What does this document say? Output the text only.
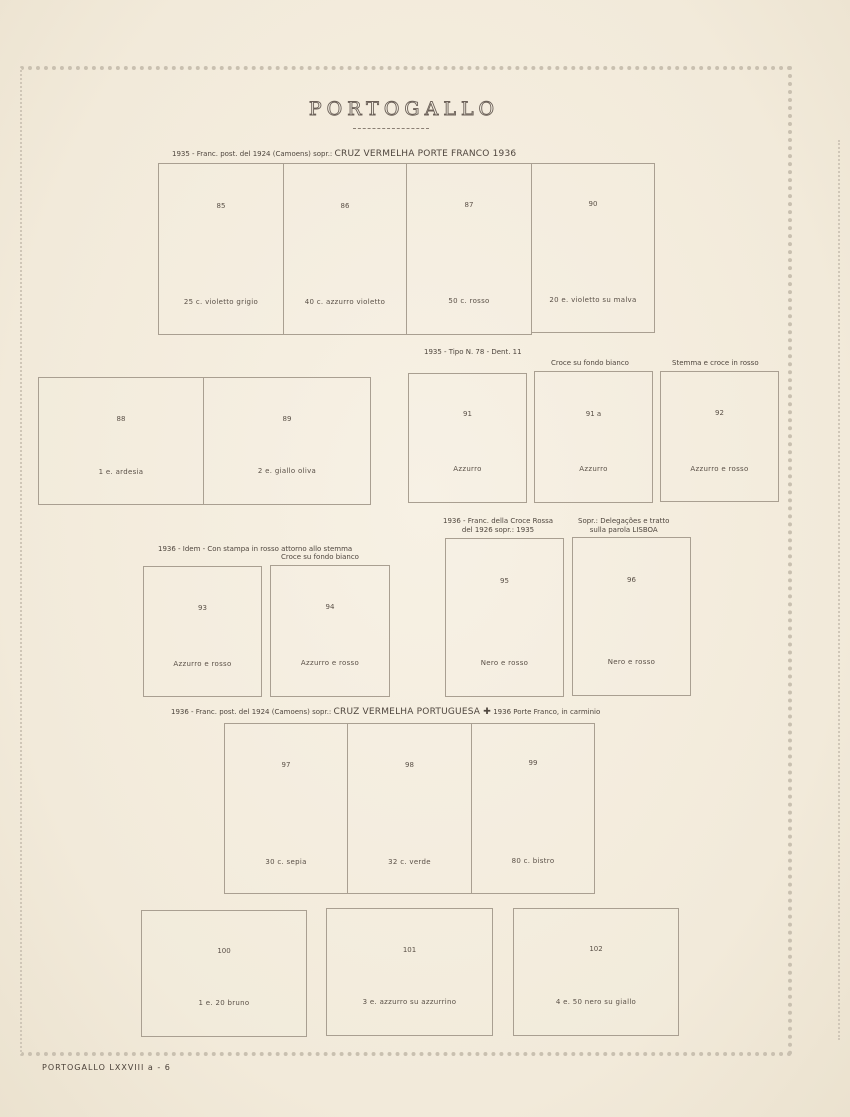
PORTOGALLO
1935 - Franc. post. del 1924 (Camoens) sopr.: CRUZ VERMELHA PORTE FRANCO 1936
85
25 c. violetto grigio
86
40 c. azzurro violetto
87
50 c. rosso
90
20 e. violetto su malva
88
1 e. ardesia
89
2 e. giallo oliva
1935 - Tipo N. 78 - Dent. 11
Croce su fondo bianco	Stemma e croce in rosso
91
Azzurro
91 a
Azzurro
92
Azzurro e rosso
1936 - Idem - Con stampa in rosso attorno allo stemma
Croce su fondo bianco
93
Azzurro e rosso
94
Azzurro e rosso
1936 - Franc. della Croce Rossa
del 1926 sopr.: 1935
Sopr.: Delegações e tratto
sulla parola LISBOA
95
Nero e rosso
96
Nero e rosso
1936 - Franc. post. del 1924 (Camoens) sopr.: CRUZ VERMELHA PORTUGUESA ✚ 1936 Porte Franco, in carminio
97
30 c. sepia
98
32 c. verde
99
80 c. bistro
100
1 e. 20 bruno
101
3 e. azzurro su azzurrino
102
4 e. 50 nero su giallo
PORTOGALLO LXXVIII a - 6
